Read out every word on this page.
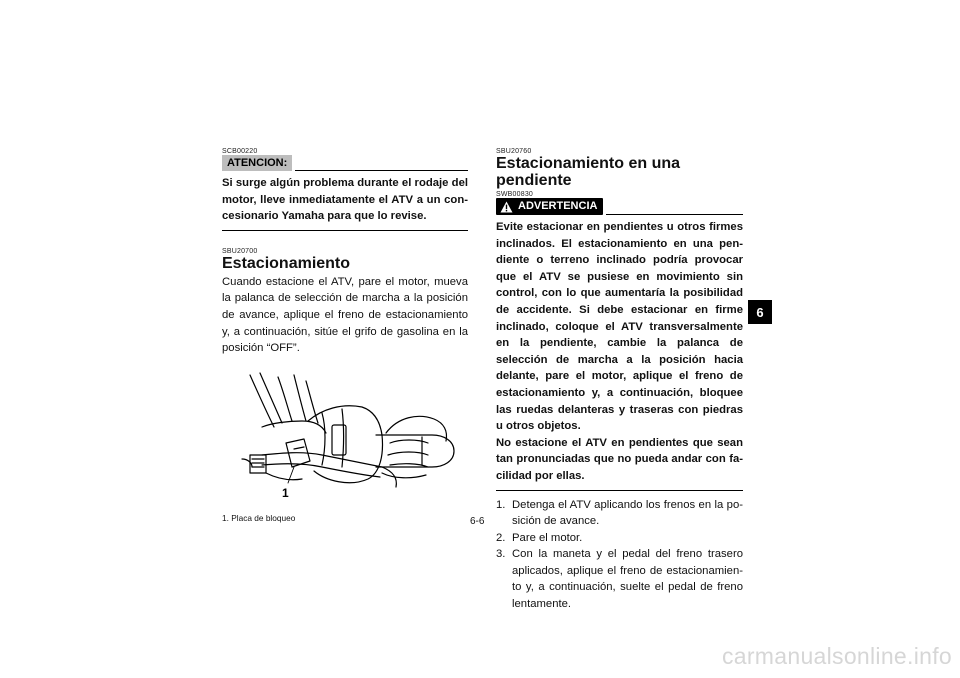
SCB00220
ATENCION:
Si surge algún problema durante el rodaje del motor, lleve inmediatamente el ATV a un concesionario Yamaha para que lo revise.
SBU20700
Estacionamiento

Cuando estacione el ATV, pare el motor, mueva la palanca de selección de marcha a la posición de avance, aplique el freno de estacionamiento y, a continuación, sitúe el grifo de gasolina en la posición “OFF”.

1
1. Placa de bloqueo
SBU20760
Estacionamiento en una pendiente
SWB00830
ADVERTENCIA
Evite estacionar en pendientes u otros firmes inclinados. El estacionamiento en una pendiente o terreno inclinado podría provocar que el ATV se pusiese en movimiento sin control, con lo que aumentaría la posibilidad de accidente. Si debe estacionar en firme inclinado, coloque el ATV transversalmente en la pendiente, cambie la palanca de selección de marcha a la posición hacia delante, pare el motor, aplique el freno de estacionamiento y, a continuación, bloquee las ruedas delanteras y traseras con piedras u otros objetos.
No estacione el ATV en pendientes que sean tan pronunciadas que no pueda andar con facilidad por ellas.
1. Detenga el ATV aplicando los frenos en la posición de avance.
2. Pare el motor.
3. Con la maneta y el pedal del freno trasero aplicados, aplique el freno de estacionamiento y, a continuación, suelte el pedal de freno lentamente.
6
6-6
carmanualsonline.info
